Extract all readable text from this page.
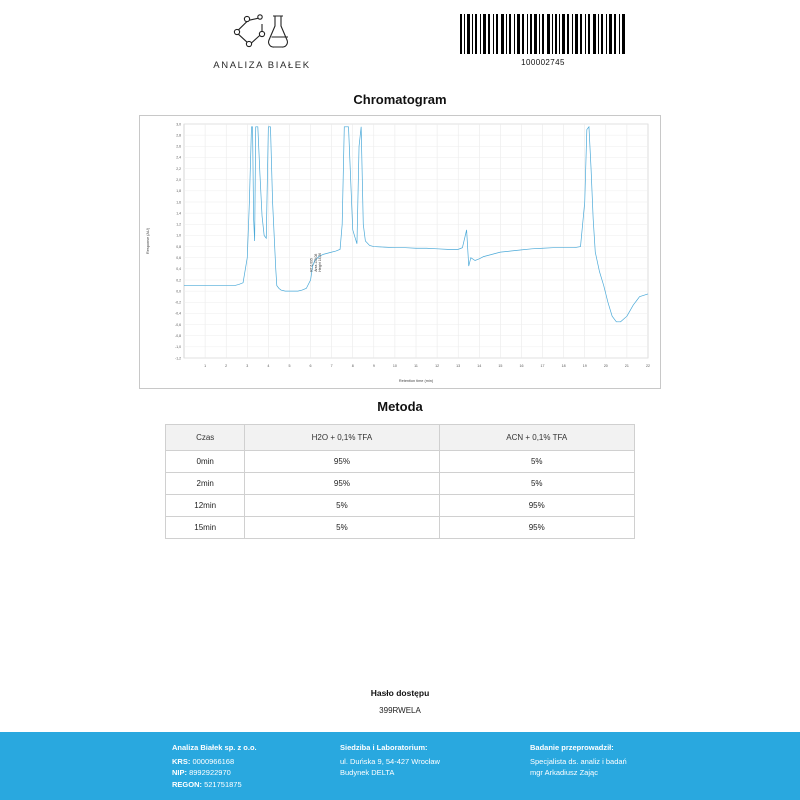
ANALIZA BIAŁEK	100002745
Chromatogram
1	2	3	4	5	6	7	8	9	10	11	12	13	14	15	16	17	18	19	20	21	22
3,0
2,8
2,6
2,4
2,2
2,0
1,8
1,6
1,4
1,2
1,0
0,8
0,6
0,4
0,2
0,0
-0,2
-0,4
-0,6
-0,8
-1,0
-1,2
Retention time (min)
Response (AU)
RT 6,095 Area 130,08 Height 18,26
Metoda
Czas	H2O + 0,1% TFA	ACN + 0,1% TFA
0min	95%	5%
2min	95%	5%
12min	5%	95%
15min	5%	95%
Hasło dostępu
399RWELA
Analiza Białek sp. z o.o.
KRS: 0000966168
NIP: 8992922970
REGON: 521751875
Siedziba i Laboratorium:
ul. Duńska 9, 54-427 Wrocław
Budynek DELTA
Badanie przeprowadził:
Specjalista ds. analiz i badań
mgr Arkadiusz Zając
